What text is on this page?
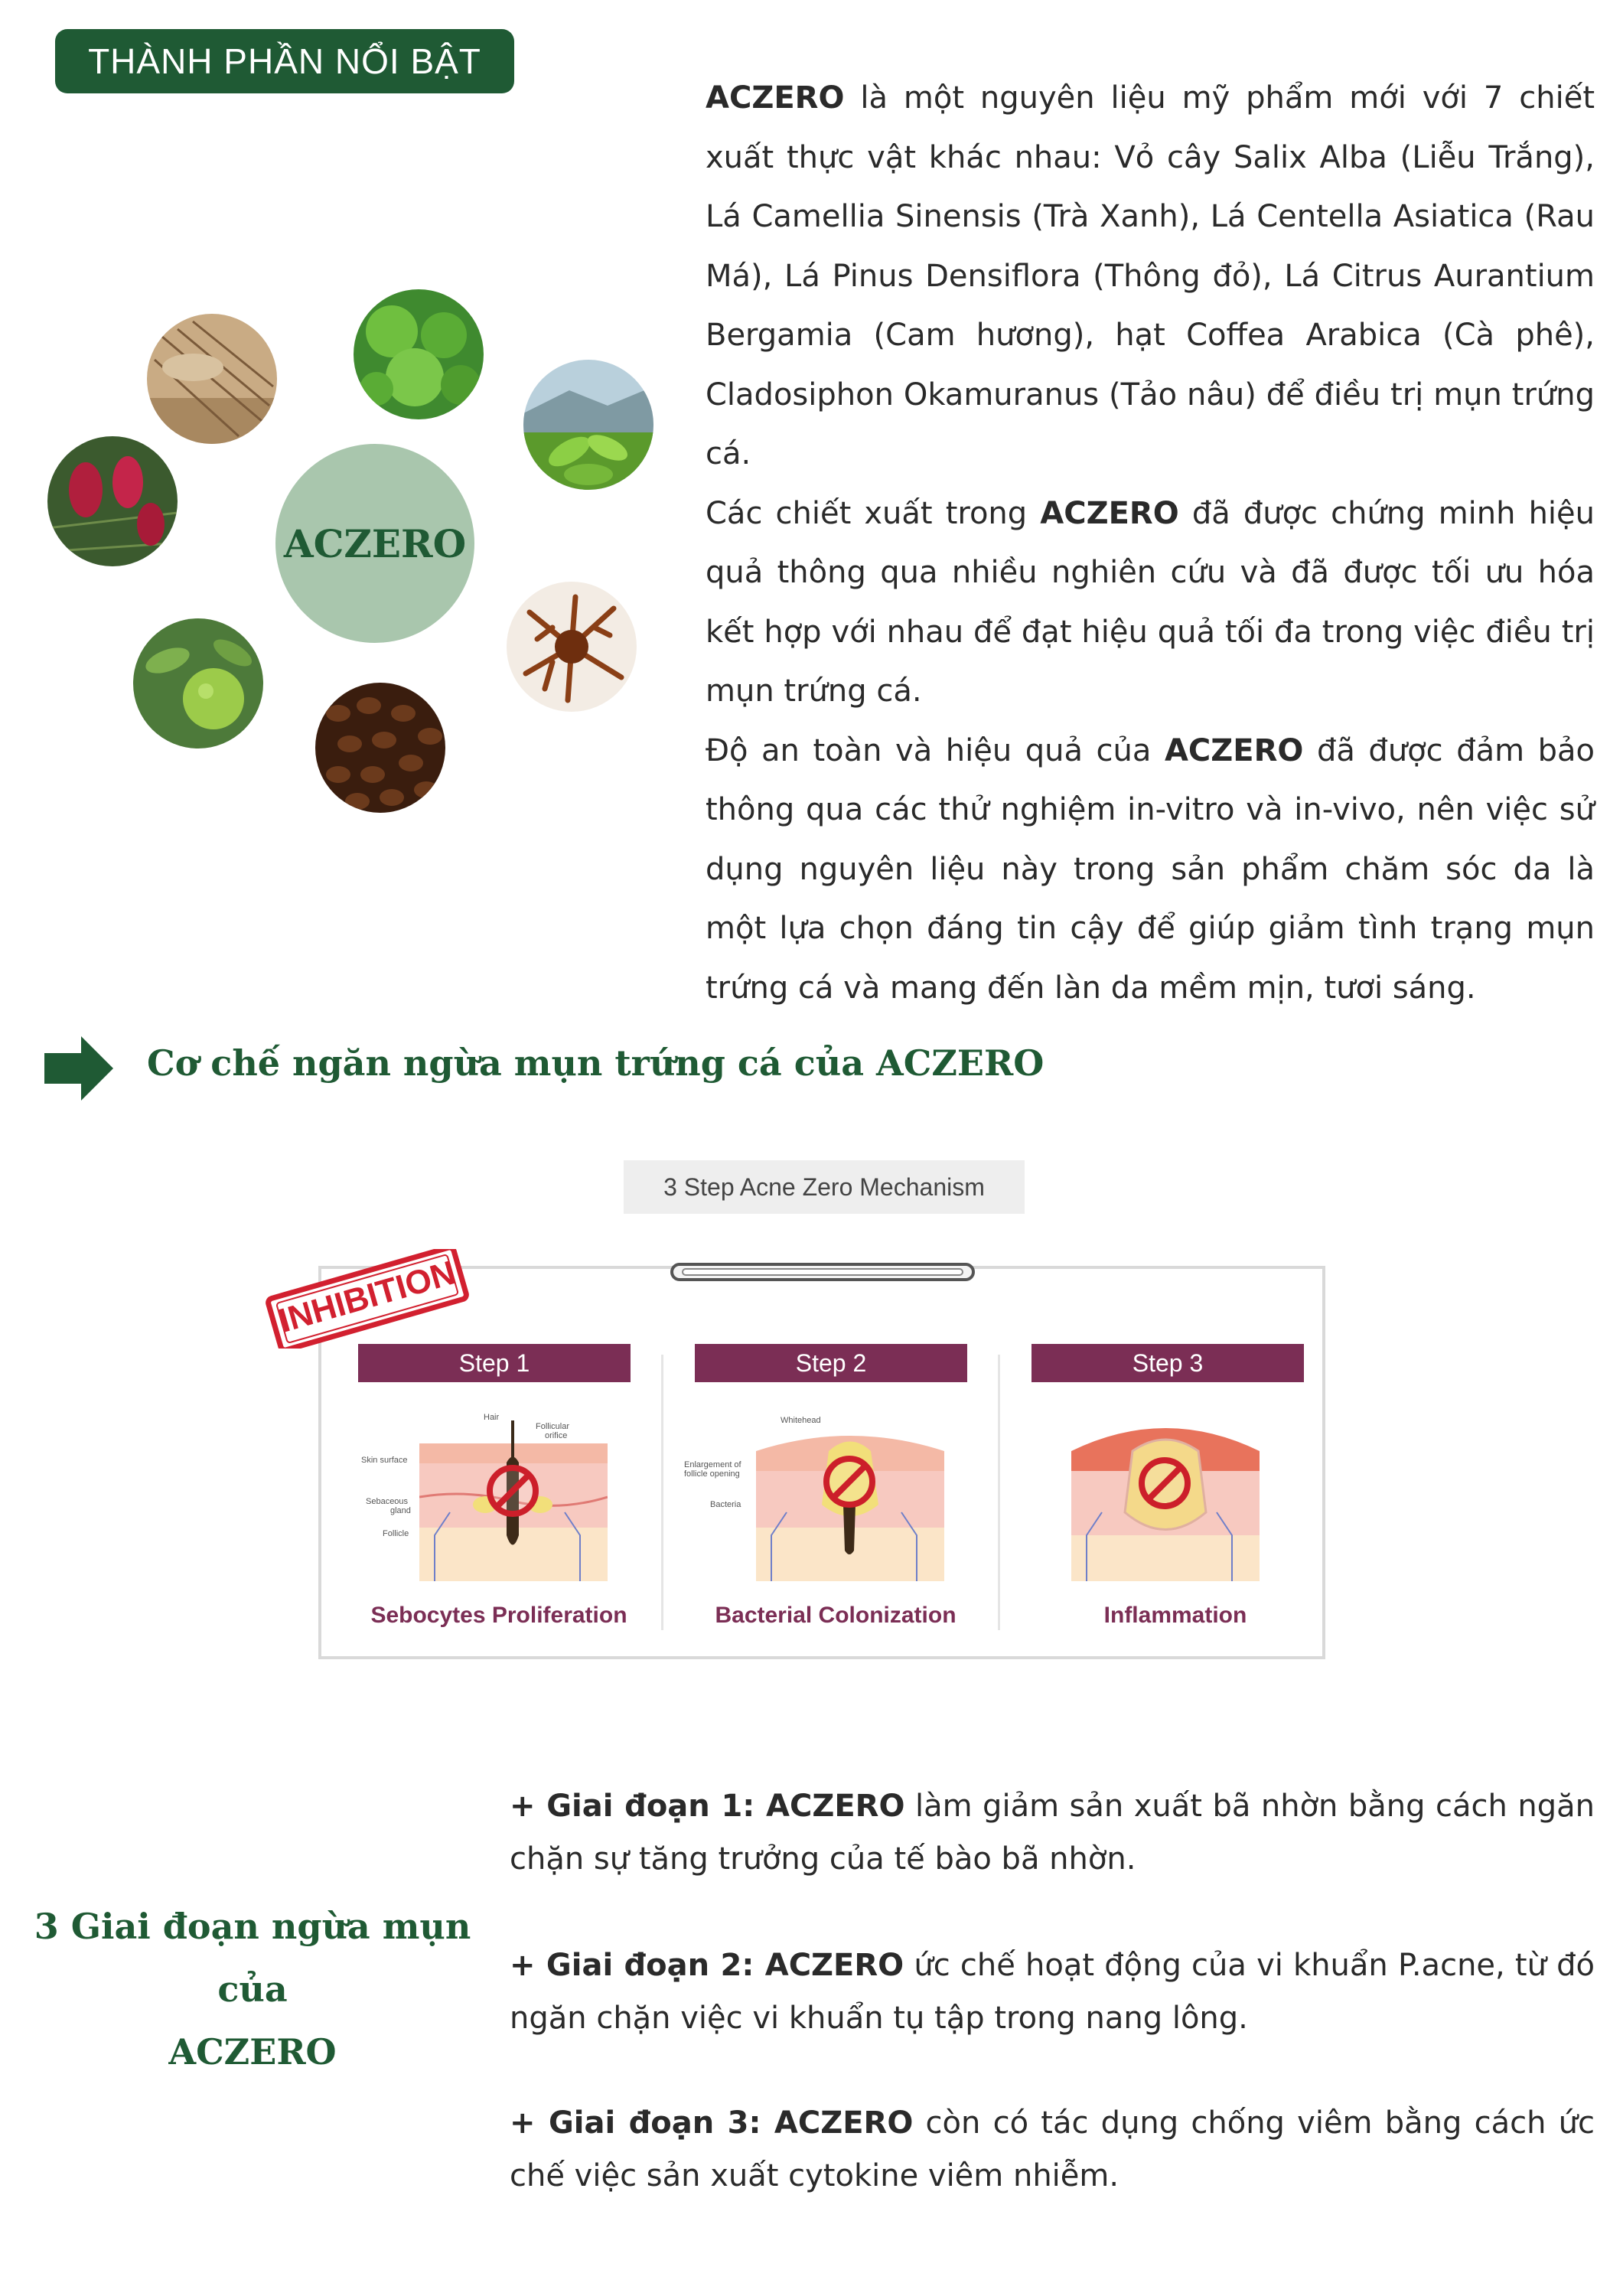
THÀNH PHẦN NỔI BẬT
ACZERO
ACZERO là một nguyên liệu mỹ phẩm mới với 7 chiết xuất thực vật khác nhau: Vỏ cây Salix Alba (Liễu Trắng), Lá Camellia Sinensis (Trà Xanh), Lá Centella Asiatica (Rau Má), Lá Pinus Densiflora (Thông đỏ), Lá Citrus Aurantium Bergamia (Cam hương), hạt Coffea Arabica (Cà phê), Cladosiphon Okamuranus (Tảo nâu) để điều trị mụn trứng cá.
Các chiết xuất trong ACZERO đã được chứng minh hiệu quả thông qua nhiều nghiên cứu và đã được tối ưu hóa kết hợp với nhau để đạt hiệu quả tối đa trong việc điều trị mụn trứng cá.
Độ an toàn và hiệu quả của ACZERO đã được đảm bảo thông qua các thử nghiệm in-vitro và in-vivo, nên việc sử dụng nguyên liệu này trong sản phẩm chăm sóc da là một lựa chọn đáng tin cậy để giúp giảm tình trạng mụn trứng cá và mang đến làn da mềm mịn, tươi sáng.
Cơ chế ngăn ngừa mụn trứng cá của ACZERO
3 Step Acne Zero Mechanism
INHIBITION
Step 1	Step 2	Step 3
Hair
Follicular
orifice
Skin surface
Sebaceous
gland
Follicle
Whitehead
Enlargement of
follicle opening
Bacteria
Sebocytes Proliferation	Bacterial Colonization	Inflammation
3 Giai đoạn ngừa mụn của
ACZERO
+ Giai đoạn 1: ACZERO làm giảm sản xuất bã nhờn bằng cách ngăn chặn sự tăng trưởng của tế bào bã nhờn.
+ Giai đoạn 2: ACZERO ức chế hoạt động của vi khuẩn P.acne, từ đó ngăn chặn việc vi khuẩn tụ tập trong nang lông.
+ Giai đoạn 3: ACZERO còn có tác dụng chống viêm bằng cách ức chế việc sản xuất cytokine viêm nhiễm.
